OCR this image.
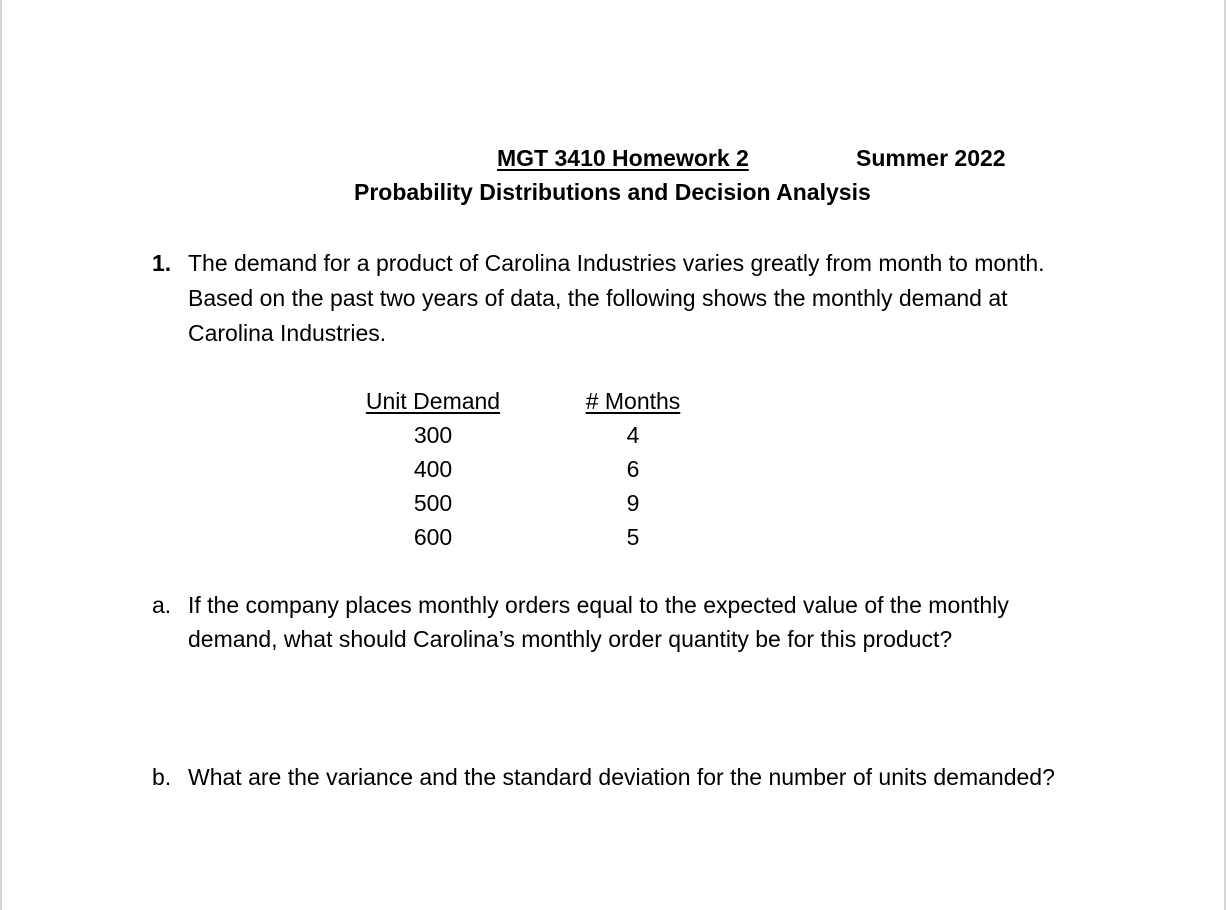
MGT 3410 Homework 2	Summer 2022
Probability Distributions and Decision Analysis
1. The demand for a product of Carolina Industries varies greatly from month to month. Based on the past two years of data, the following shows the monthly demand at Carolina Industries.
Unit Demand
300
400
500
600
# Months
4
6
9
5
a. If the company places monthly orders equal to the expected value of the monthly demand, what should Carolina’s monthly order quantity be for this product?
b. What are the variance and the standard deviation for the number of units demanded?
